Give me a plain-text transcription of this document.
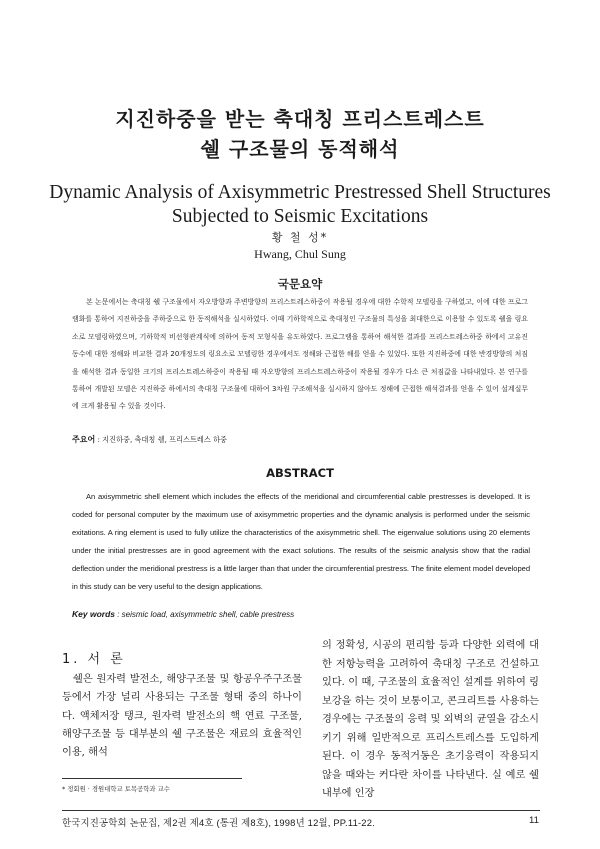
지진하중을 받는 축대칭 프리스트레스트
쉘 구조물의 동적해석
Dynamic Analysis of Axisymmetric Prestressed Shell Structures
Subjected to Seismic Excitations
황 철 성*
Hwang, Chul Sung
국문요약

본 논문에서는 축대칭 쉘 구조물에서 자오방향과 주변방향의 프리스트레스하중이 작용될 경우에 대한 수학적 모델링을 구하였고, 이에 대한 프로그램화를 통하여 지진하중을 주하중으로 한 동적해석을 실시하였다. 이때 기하학적으로 축대칭인 구조물의 특성을 최대한으로 이용할 수 있도록 쉘을 링요소로 모델링하였으며, 기하학적 비선형관계식에 의하여 동적 모형식을 유도하였다. 프로그램을 통하여 해석한 결과를 프리스트레스하중 하에서 고유진동수에 대한 정해와 비교한 결과 20개정도의 링요소로 모델링한 경우에서도 정해와 근접한 해를 얻을 수 있었다. 또한 지진하중에 대한 반경방향의 처짐을 해석한 결과 동일한 크기의 프리스트레스하중이 작용될 때 자오방향의 프리스트레스하중이 작용될 경우가 다소 큰 처짐값을 나타내었다. 본 연구를 통하여 개발된 모델은 지진하중 하에서의 축대칭 구조물에 대하여 3차원 구조해석을 실시하지 않아도 정해에 근접한 해석결과를 얻을 수 있어 설계실무에 크게 활용될 수 있을 것이다.

주요어 : 지진하중, 축대칭 쉘, 프리스트레스 하중
ABSTRACT

An axisymmetric shell element which includes the effects of the meridional and circumferential cable prestresses is developed. It is coded for personal computer by the maximum use of axisymmetric properties and the dynamic analysis is performed under the seismic exitations. A ring element is used to fully utilize the characteristics of the axisymmetric shell. The eigenvalue solutions using 20 elements under the initial prestresses are in good agreement with the exact solutions. The results of the seismic analysis show that the radial deflection under the meridional prestress is a little larger than that under the circumferential prestress. The finite element model developed in this study can be very useful to the design applications.

Key words : seismic load, axisymmetric shell, cable prestress
1. 서 론

쉘은 원자력 발전소, 해양구조물 및 항공우주구조물 등에서 가장 널리 사용되는 구조물 형태 중의 하나이다. 액체저장 탱크, 원자력 발전소의 핵 연료 구조물, 해양구조물 등 대부분의 쉘 구조물은 재료의 효율적인 이용, 해석

의 정확성, 시공의 편리함 등과 다양한 외력에 대한 저항능력을 고려하여 축대칭 구조로 건설하고 있다. 이 때, 구조물의 효율적인 설계를 위하여 링보강을 하는 것이 보통이고, 콘크리트를 사용하는 경우에는 구조물의 응력 및 외벽의 균열을 감소시키기 위해 일반적으로 프리스트레스를 도입하게 된다. 이 경우 동적거동은 초기응력이 작용되지 않을 때와는 커다란 차이를 나타낸다. 실 예로 쉘내부에 인장

* 정회원 · 경원대학교 토목공학과 교수
한국지진공학회 논문집, 제2권 제4호 (통권 제8호), 1998년 12월, PP.11-22.	11
